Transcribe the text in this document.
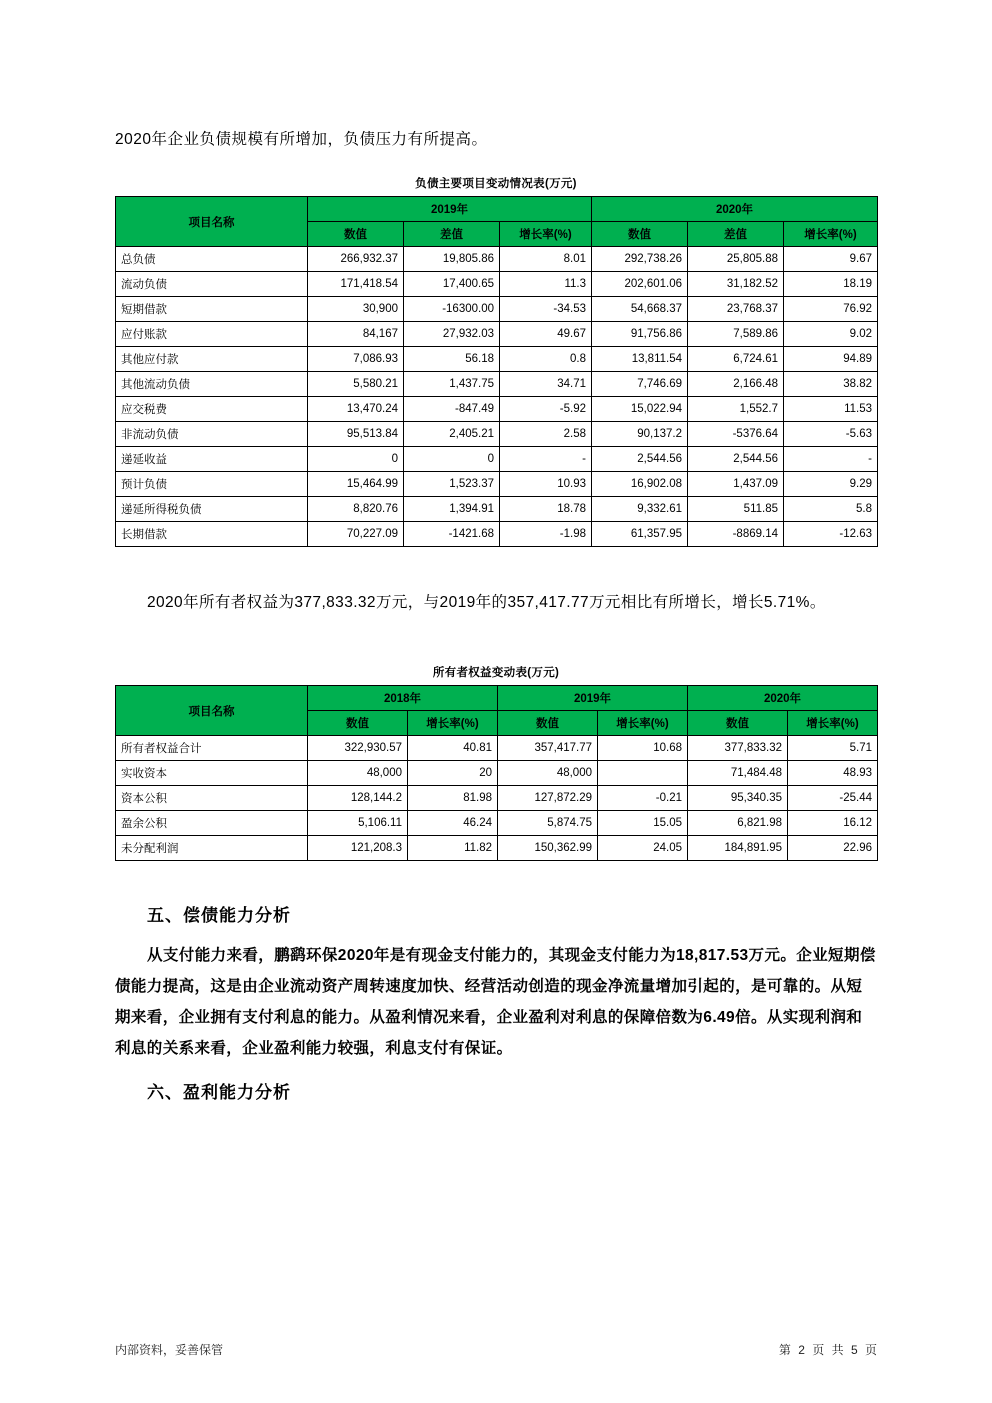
2020年企业负债规模有所增加，负债压力有所提高。
负债主要项目变动情况表(万元)
项目名称	2019年			2020年		
	数值	差值	增长率(%)	数值	差值	增长率(%)
总负债	266,932.37	19,805.86	8.01	292,738.26	25,805.88	9.67
流动负债	171,418.54	17,400.65	11.3	202,601.06	31,182.52	18.19
短期借款	30,900	-16300.00	-34.53	54,668.37	23,768.37	76.92
应付账款	84,167	27,932.03	49.67	91,756.86	7,589.86	9.02
其他应付款	7,086.93	56.18	0.8	13,811.54	6,724.61	94.89
其他流动负债	5,580.21	1,437.75	34.71	7,746.69	2,166.48	38.82
应交税费	13,470.24	-847.49	-5.92	15,022.94	1,552.7	11.53
非流动负债	95,513.84	2,405.21	2.58	90,137.2	-5376.64	-5.63
递延收益	0	0	-	2,544.56	2,544.56	-
预计负债	15,464.99	1,523.37	10.93	16,902.08	1,437.09	9.29
递延所得税负债	8,820.76	1,394.91	18.78	9,332.61	511.85	5.8
长期借款	70,227.09	-1421.68	-1.98	61,357.95	-8869.14	-12.63
2020年所有者权益为377,833.32万元，与2019年的357,417.77万元相比有所增长，增长5.71%。
所有者权益变动表(万元)
项目名称	2018年		2019年		2020年	
	数值	增长率(%)	数值	增长率(%)	数值	增长率(%)
所有者权益合计	322,930.57	40.81	357,417.77	10.68	377,833.32	5.71
实收资本	48,000	20	48,000		71,484.48	48.93
资本公积	128,144.2	81.98	127,872.29	-0.21	95,340.35	-25.44
盈余公积	5,106.11	46.24	5,874.75	15.05	6,821.98	16.12
未分配利润	121,208.3	11.82	150,362.99	24.05	184,891.95	22.96
五、偿债能力分析

从支付能力来看，鹏鹞环保2020年是有现金支付能力的，其现金支付能力为18,817.53万元。企业短期偿债能力提高，这是由企业流动资产周转速度加快、经营活动创造的现金净流量增加引起的，是可靠的。从短期来看，企业拥有支付利息的能力。从盈利情况来看，企业盈利对利息的保障倍数为6.49倍。从实现利润和利息的关系来看，企业盈利能力较强，利息支付有保证。

六、盈利能力分析
内部资料，妥善保管	第 2 页 共 5 页
